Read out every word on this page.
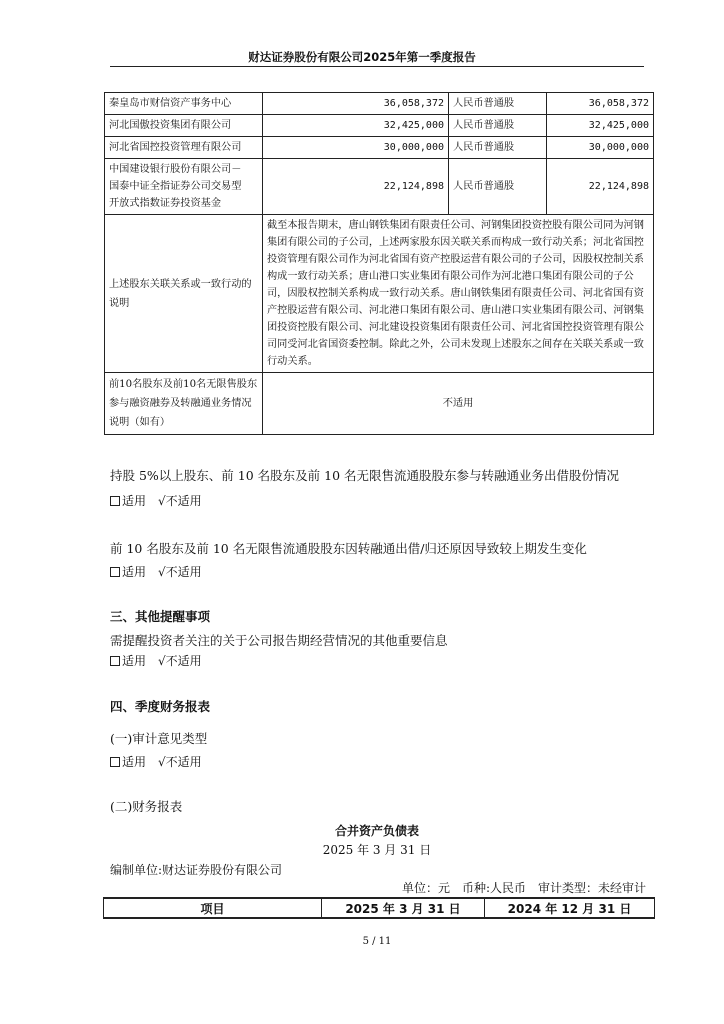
财达证券股份有限公司2025年第一季度报告
秦皇岛市财信资产事务中心	36,058,372	人民币普通股	36,058,372
河北国傲投资集团有限公司	32,425,000	人民币普通股	32,425,000
河北省国控投资管理有限公司	30,000,000	人民币普通股	30,000,000

中国建设银行股份有限公司－
国泰中证全指证券公司交易型
开放式指数证券投资基金	22,124,898	人民币普通股	22,124,898
上述股东关联关系或一致行动的说明	截至本报告期末，唐山钢铁集团有限责任公司、河钢集团投资控股有限公司同为河钢集团有限公司的子公司，上述两家股东因关联关系而构成一致行动关系；河北省国控投资管理有限公司作为河北省国有资产控股运营有限公司的子公司，因股权控制关系构成一致行动关系；唐山港口实业集团有限公司作为河北港口集团有限公司的子公司，因股权控制关系构成一致行动关系。唐山钢铁集团有限责任公司、河北省国有资产控股运营有限公司、河北港口集团有限公司、唐山港口实业集团有限公司、河钢集团投资控股有限公司、河北建设投资集团有限责任公司、河北省国控投资管理有限公司同受河北省国资委控制。除此之外，公司未发现上述股东之间存在关联关系或一致行动关系。		
前10名股东及前10名无限售股东参与融资融券及转融通业务情况说明（如有）	不适用		
持股 5%以上股东、前 10 名股东及前 10 名无限售流通股股东参与转融通业务出借股份情况
适用 √不适用
前 10 名股东及前 10 名无限售流通股股东因转融通出借/归还原因导致较上期发生变化
适用 √不适用
三、其他提醒事项
需提醒投资者关注的关于公司报告期经营情况的其他重要信息
适用 √不适用
四、季度财务报表
(一)审计意见类型
适用 √不适用
(二)财务报表
合并资产负债表
2025 年 3 月 31 日
编制单位:财达证券股份有限公司
单位：元　币种:人民币　审计类型：未经审计
项目	2025 年 3 月 31 日	2024 年 12 月 31 日
5 / 11
